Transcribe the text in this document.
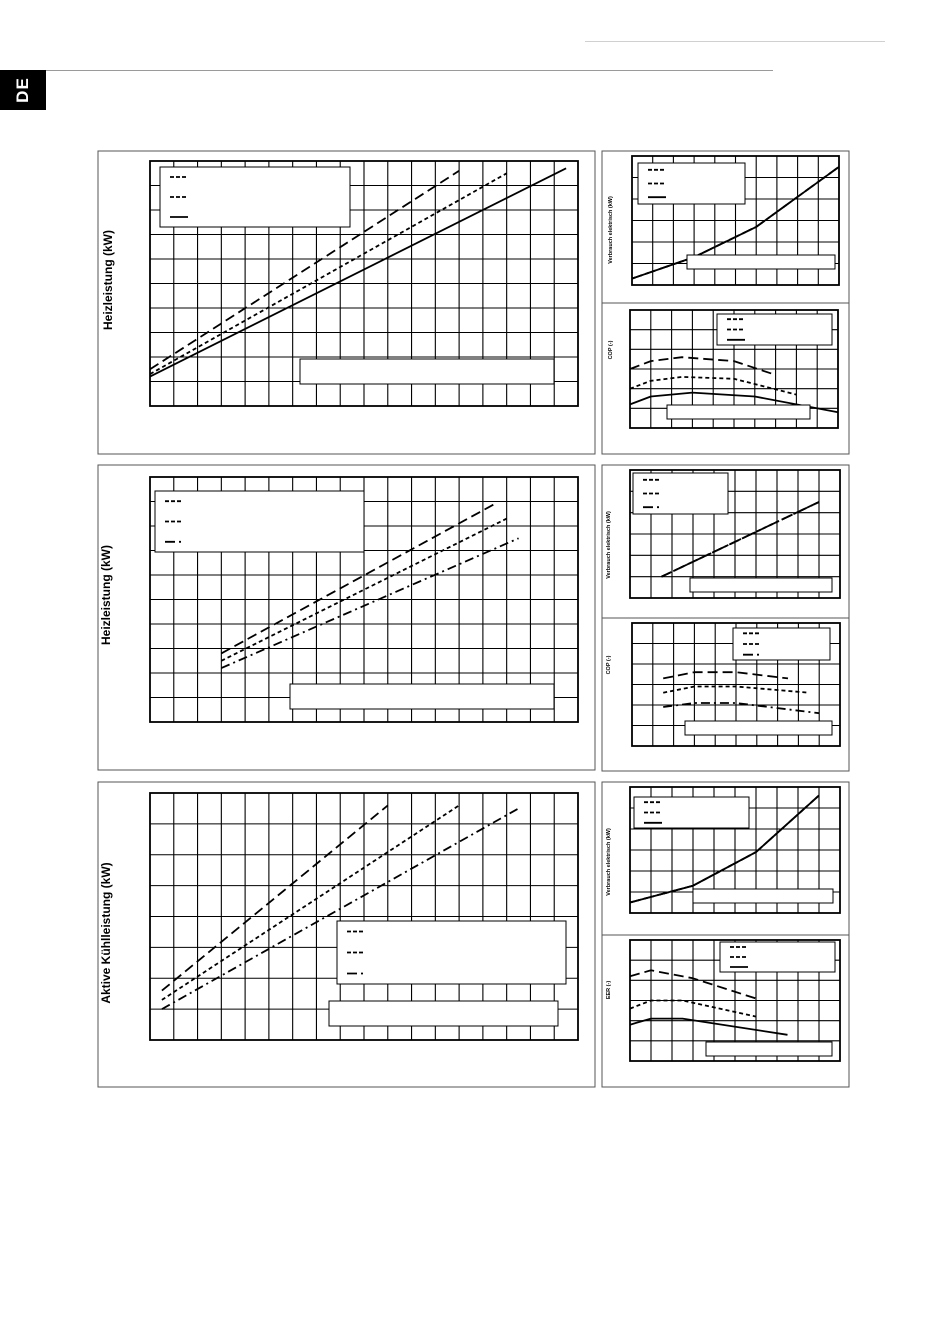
DE
Heizleistung (kW)	Verbrauch elektrisch (kW)
COP (-)
Heizleistung (kW)	Verbrauch elektrisch (kW)
COP (-)
Aktive Kühlleistung (kW)
Verbrauch elektrisch (kW)
EER (-)
